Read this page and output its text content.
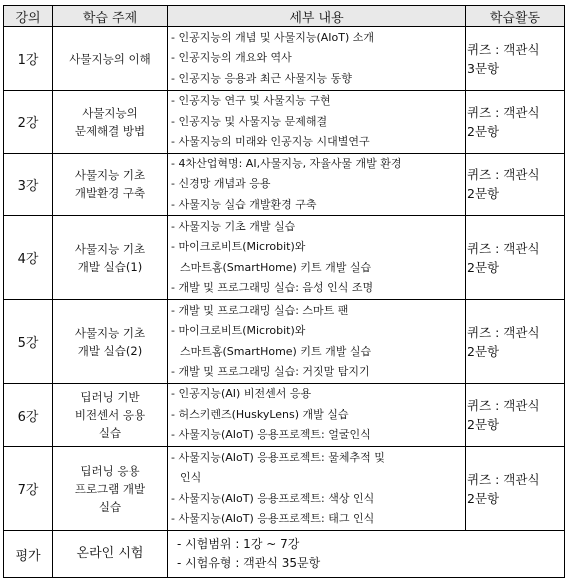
강의	학습 주제	세부 내용	학습활동
1강	사물지능의 이해	- 인공지능의 개념 및 사물지능(AIoT) 소개
- 인공지능의 개요와 역사
- 인공지능 응용과 최근 사물지능 동향	퀴즈 : 객관식
3문항

2강	사물지능의
문제해결 방법	- 인공지능 연구 및 사물지능 구현
- 인공지능 및 사물지능 문제해결
- 사물지능의 미래와 인공지능 시대별연구	퀴즈 : 객관식
2문항

3강	사물지능 기초
개발환경 구축	- 4차산업혁명: AI,사물지능, 자율사물 개발 환경
- 신경망 개념과 응용
- 사물지능 실습 개발환경 구축	퀴즈 : 객관식
2문항

4강	사물지능 기초
개발 실습(1)	- 사물지능 기초 개발 실습
- 마이크로비트(Microbit)와
스마트홈(SmartHome) 키트 개발 실습
- 개발 및 프로그래밍 실습: 음성 인식 조명	퀴즈 : 객관식
2문항

5강	사물지능 기초
개발 실습(2)	- 개발 및 프로그래밍 실습: 스마트 팬
- 마이크로비트(Microbit)와
스마트홈(SmartHome) 키트 개발 실습
- 개발 및 프로그래밍 실습: 거짓말 탐지기	퀴즈 : 객관식
2문항

6강	딥러닝 기반
비전센서 응용
실습	- 인공지능(AI) 비전센서 응용
- 허스키렌즈(HuskyLens) 개발 실습
- 사물지능(AIoT) 응용프로젝트: 얼굴인식	퀴즈 : 객관식
2문항

7강	딥러닝 응용
프로그램 개발
실습	- 사물지능(AIoT) 응용프로젝트: 물체추적 및
인식
- 사물지능(AIoT) 응용프로젝트: 색상 인식
- 사물지능(AIoT) 응용프로젝트: 태그 인식	퀴즈 : 객관식
2문항

평가	온라인 시험	- 시험범위 : 1강 ~ 7강
- 시험유형 : 객관식 35문항	
